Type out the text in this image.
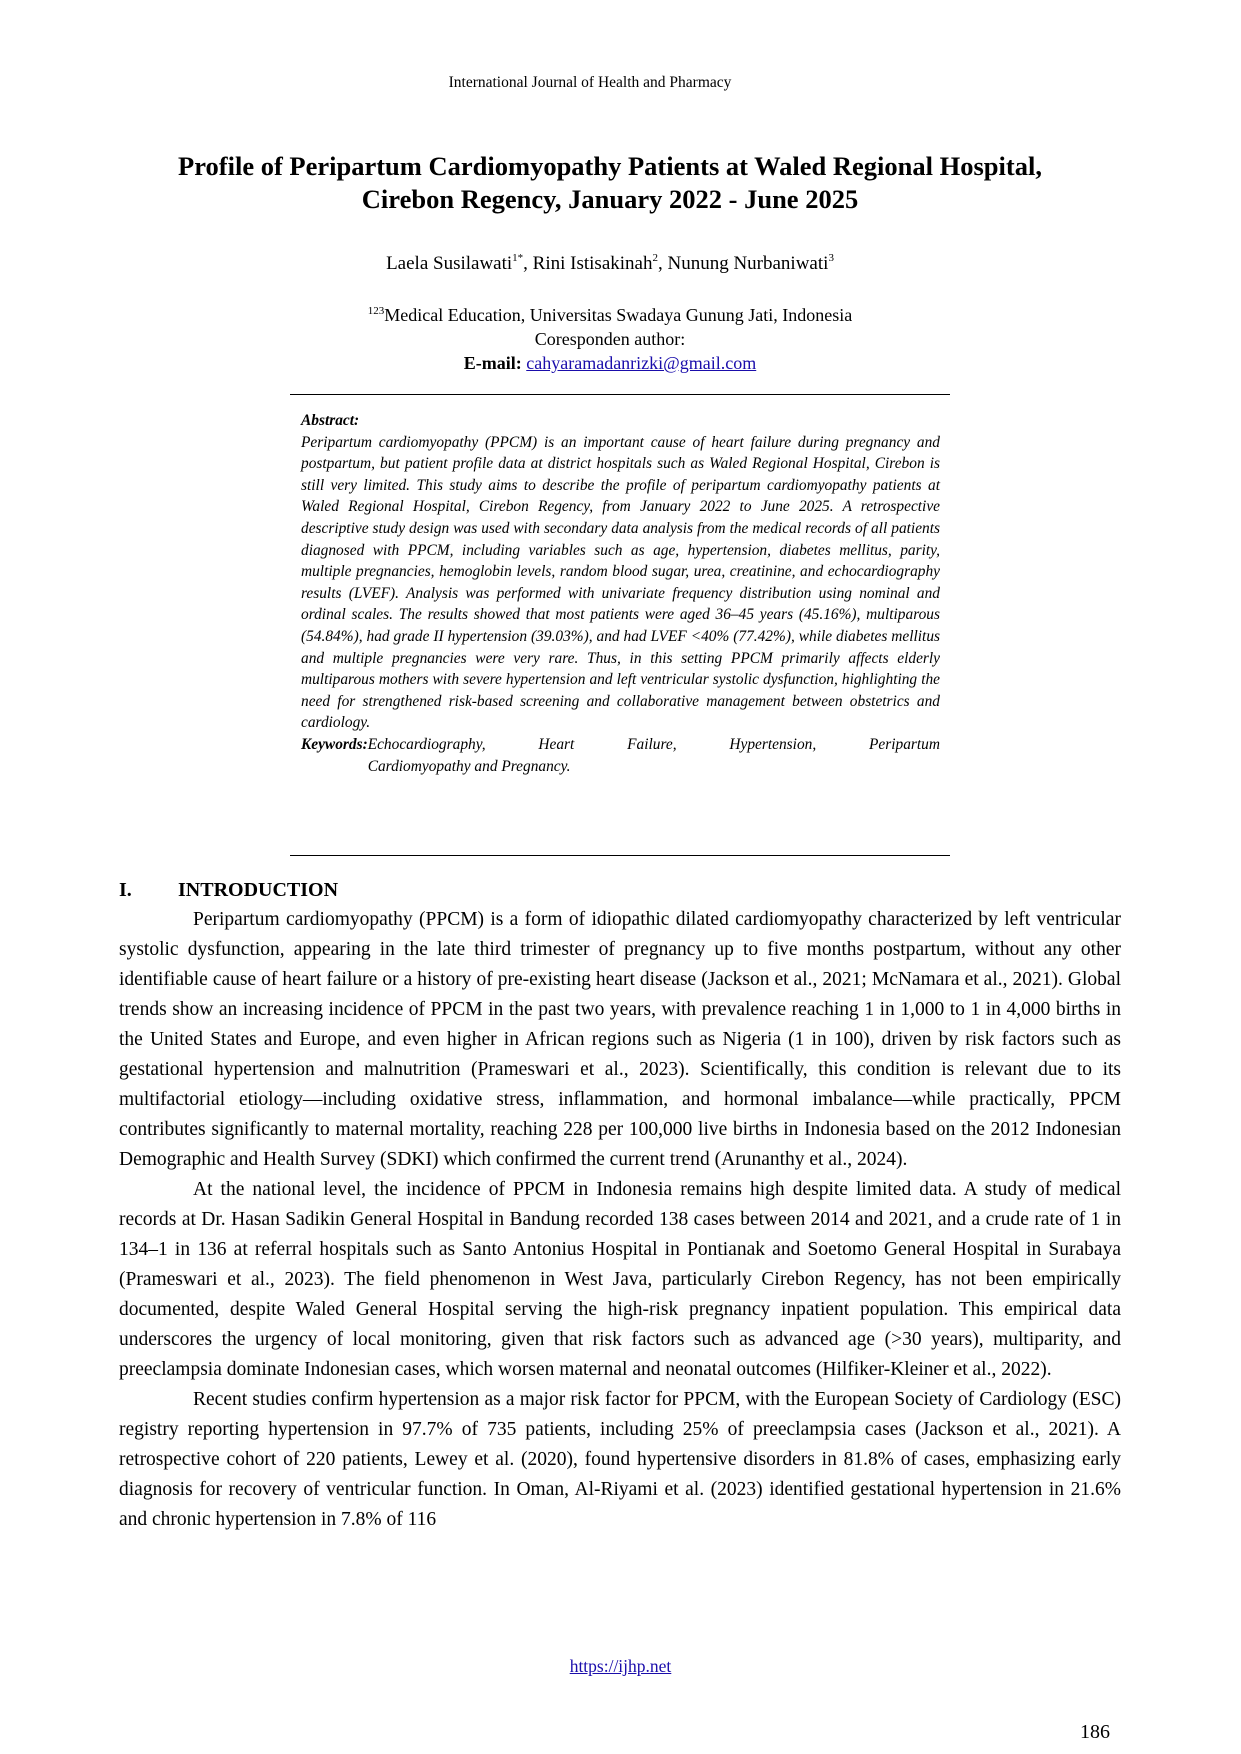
International Journal of Health and Pharmacy
Profile of Peripartum Cardiomyopathy Patients at Waled Regional Hospital,
Cirebon Regency, January 2022 - June 2025
Laela Susilawati$^{1*}$, Rini Istisakinah$^2$, Nunung Nurbaniwati$^3$
$^{123}$Medical Education, Universitas Swadaya Gunung Jati, Indonesia
Coresponden author:
E-mail: cahyaramadanrizki@gmail.com
Abstract:

Peripartum cardiomyopathy (PPCM) is an important cause of heart failure during pregnancy and postpartum, but patient profile data at district hospitals such as Waled Regional Hospital, Cirebon is still very limited. This study aims to describe the profile of peripartum cardiomyopathy patients at Waled Regional Hospital, Cirebon Regency, from January 2022 to June 2025. A retrospective descriptive study design was used with secondary data analysis from the medical records of all patients diagnosed with PPCM, including variables such as age, hypertension, diabetes mellitus, parity, multiple pregnancies, hemoglobin levels, random blood sugar, urea, creatinine, and echocardiography results (LVEF). Analysis was performed with univariate frequency distribution using nominal and ordinal scales. The results showed that most patients were aged 36–45 years (45.16%), multiparous (54.84%), had grade II hypertension (39.03%), and had LVEF <40% (77.42%), while diabetes mellitus and multiple pregnancies were very rare. Thus, in this setting PPCM primarily affects elderly multiparous mothers with severe hypertension and left ventricular systolic dysfunction, highlighting the need for strengthened risk-based screening and collaborative management between obstetrics and cardiology.

Keywords: Echocardiography, Heart Failure, Hypertension, Peripartum
Cardiomyopathy and Pregnancy.
I. INTRODUCTION

Peripartum cardiomyopathy (PPCM) is a form of idiopathic dilated cardiomyopathy characterized by left ventricular systolic dysfunction, appearing in the late third trimester of pregnancy up to five months postpartum, without any other identifiable cause of heart failure or a history of pre-existing heart disease (Jackson et al., 2021; McNamara et al., 2021). Global trends show an increasing incidence of PPCM in the past two years, with prevalence reaching 1 in 1,000 to 1 in 4,000 births in the United States and Europe, and even higher in African regions such as Nigeria (1 in 100), driven by risk factors such as gestational hypertension and malnutrition (Prameswari et al., 2023). Scientifically, this condition is relevant due to its multifactorial etiology—including oxidative stress, inflammation, and hormonal imbalance—while practically, PPCM contributes significantly to maternal mortality, reaching 228 per 100,000 live births in Indonesia based on the 2012 Indonesian Demographic and Health Survey (SDKI) which confirmed the current trend (Arunanthy et al., 2024).

At the national level, the incidence of PPCM in Indonesia remains high despite limited data. A study of medical records at Dr. Hasan Sadikin General Hospital in Bandung recorded 138 cases between 2014 and 2021, and a crude rate of 1 in 134–1 in 136 at referral hospitals such as Santo Antonius Hospital in Pontianak and Soetomo General Hospital in Surabaya (Prameswari et al., 2023). The field phenomenon in West Java, particularly Cirebon Regency, has not been empirically documented, despite Waled General Hospital serving the high-risk pregnancy inpatient population. This empirical data underscores the urgency of local monitoring, given that risk factors such as advanced age (>30 years), multiparity, and preeclampsia dominate Indonesian cases, which worsen maternal and neonatal outcomes (Hilfiker-Kleiner et al., 2022).

Recent studies confirm hypertension as a major risk factor for PPCM, with the European Society of Cardiology (ESC) registry reporting hypertension in 97.7% of 735 patients, including 25% of preeclampsia cases (Jackson et al., 2021). A retrospective cohort of 220 patients, Lewey et al. (2020), found hypertensive disorders in 81.8% of cases, emphasizing early diagnosis for recovery of ventricular function. In Oman, Al-Riyami et al. (2023) identified gestational hypertension in 21.6% and chronic hypertension in 7.8% of 116

https://ijhp.net
186
